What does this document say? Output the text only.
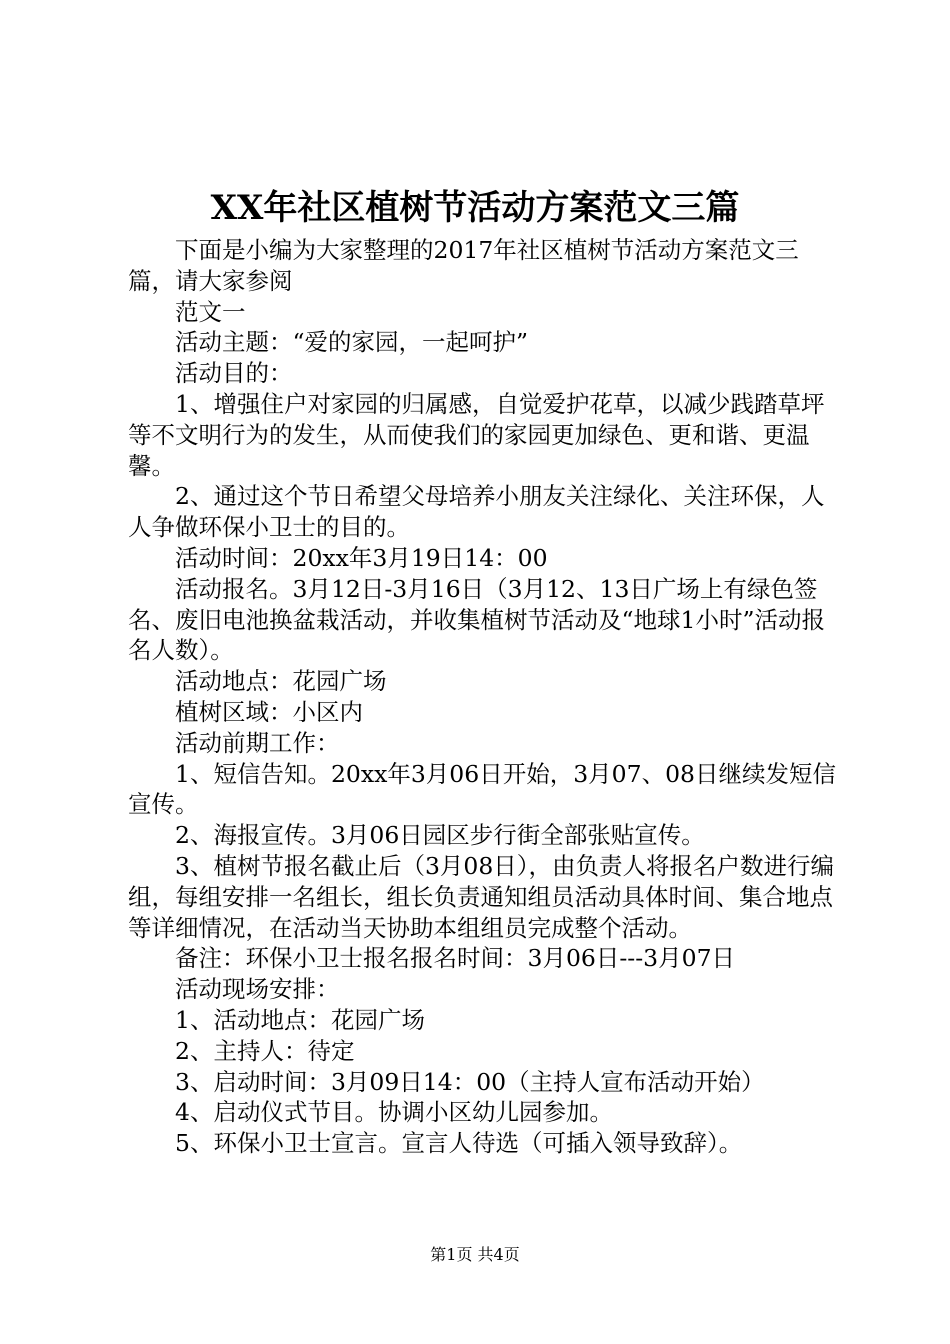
XX年社区植树节活动方案范文三篇

下面是小编为大家整理的2017年社区植树节活动方案范文三篇，请大家参阅

范文一

活动主题：“爱的家园，一起呵护”

活动目的：

1、增强住户对家园的归属感，自觉爱护花草，以减少践踏草坪等不文明行为的发生，从而使我们的家园更加绿色、更和谐、更温馨。

2、通过这个节日希望父母培养小朋友关注绿化、关注环保，人人争做环保小卫士的目的。

活动时间：20xx年3月19日14：00

活动报名。3月12日-3月16日（3月12、13日广场上有绿色签名、废旧电池换盆栽活动，并收集植树节活动及“地球1小时”活动报名人数）。

活动地点：花园广场

植树区域：小区内

活动前期工作：

1、短信告知。20xx年3月06日开始，3月07、08日继续发短信宣传。

2、海报宣传。3月06日园区步行街全部张贴宣传。

3、植树节报名截止后（3月08日），由负责人将报名户数进行编组，每组安排一名组长，组长负责通知组员活动具体时间、集合地点等详细情况，在活动当天协助本组组员完成整个活动。

备注：环保小卫士报名报名时间：3月06日---3月07日

活动现场安排：

1、活动地点：花园广场

2、主持人：待定

3、启动时间：3月09日14：00（主持人宣布活动开始）

4、启动仪式节目。协调小区幼儿园参加。

5、环保小卫士宣言。宣言人待选（可插入领导致辞）。

第1页 共4页
